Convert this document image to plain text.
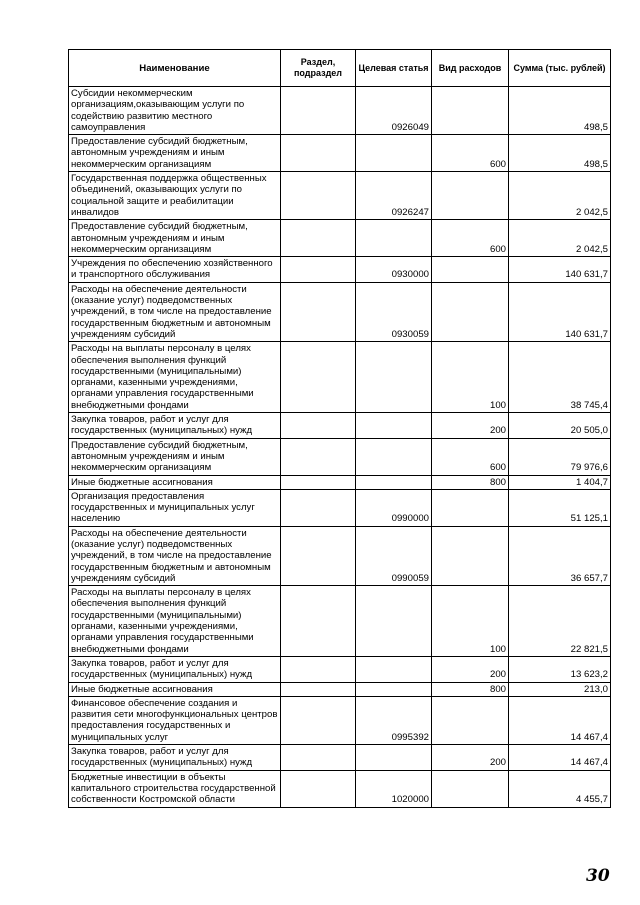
Наименование	Раздел, подраздел	Целевая статья	Вид расходов	Сумма (тыс. рублей)
Субсидии некоммерческим организациям,оказывающим услуги по содействию развитию местного самоуправления		0926049		498,5
Предоставление субсидий бюджетным, автономным учреждениям и иным некоммерческим организациям			600	498,5
Государственная поддержка общественных объединений, оказывающих услуги по социальной защите и реабилитации инвалидов		0926247		2 042,5
Предоставление субсидий бюджетным, автономным учреждениям и иным некоммерческим организациям			600	2 042,5
Учреждения по обеспечению хозяйственного и транспортного обслуживания		0930000		140 631,7
Расходы на обеспечение деятельности (оказание услуг) подведомственных учреждений, в том числе на предоставление государственным бюджетным и автономным учреждениям субсидий		0930059		140 631,7
Расходы на выплаты персоналу в целях обеспечения выполнения функций государственными (муниципальными) органами, казенными учреждениями, органами управления государственными внебюджетными фондами			100	38 745,4
Закупка товаров, работ и услуг для государственных (муниципальных) нужд			200	20 505,0
Предоставление субсидий бюджетным, автономным учреждениям и иным некоммерческим организациям			600	79 976,6
Иные бюджетные ассигнования			800	1 404,7
Организация предоставления государственных и муниципальных услуг населению		0990000		51 125,1
Расходы на обеспечение деятельности (оказание услуг) подведомственных учреждений, в том числе на предоставление государственным бюджетным и автономным учреждениям субсидий		0990059		36 657,7
Расходы на выплаты персоналу в целях обеспечения выполнения функций государственными (муниципальными) органами, казенными учреждениями, органами управления государственными внебюджетными фондами			100	22 821,5
Закупка товаров, работ и услуг для государственных (муниципальных) нужд			200	13 623,2
Иные бюджетные ассигнования			800	213,0
Финансовое обеспечение создания и развития сети многофункциональных центров предоставления государственных и муниципальных услуг		0995392		14 467,4
Закупка товаров, работ и услуг для государственных (муниципальных) нужд			200	14 467,4
Бюджетные инвестиции в объекты капитального строительства государственной собственности Костромской области		1020000		4 455,7
30
